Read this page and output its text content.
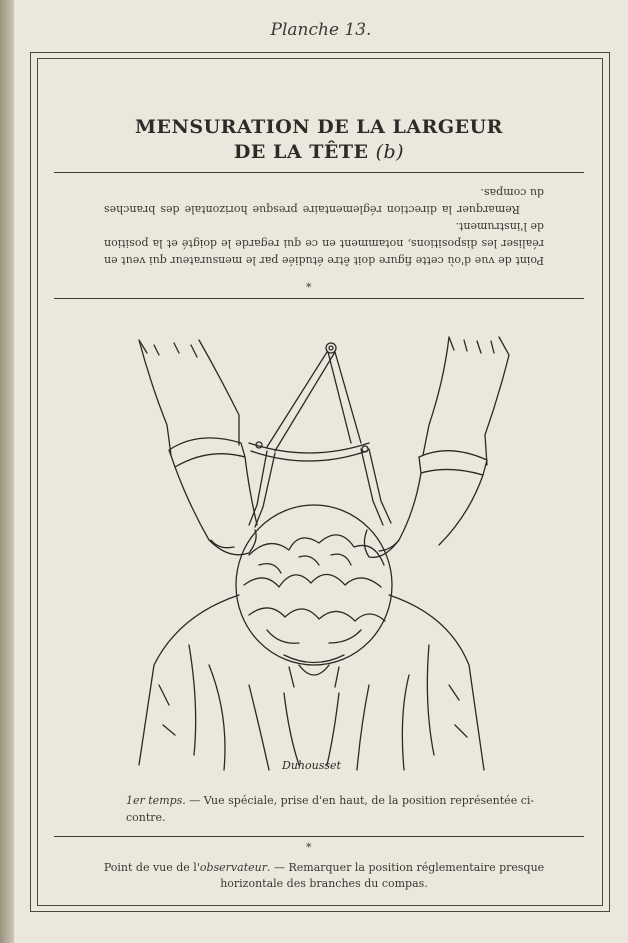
Planche 13.
MENSURATION DE LA LARGEUR
DE LA TÊTE (b)

Point de vue d'où cette figure doit être étudiée par le mensurateur qui veut en réaliser les dispositions, notamment en ce qui regarde le doigté et la position de l'instrument.

Remarquer la direction réglementaire presque horizontale des branches du compas.

*
Duhousset
1er temps. — Vue spéciale, prise d'en haut, de la position représentée ci-contre.
*
Point de vue de l'observateur. — Remarquer la position réglementaire presque horizontale des branches du compas.
